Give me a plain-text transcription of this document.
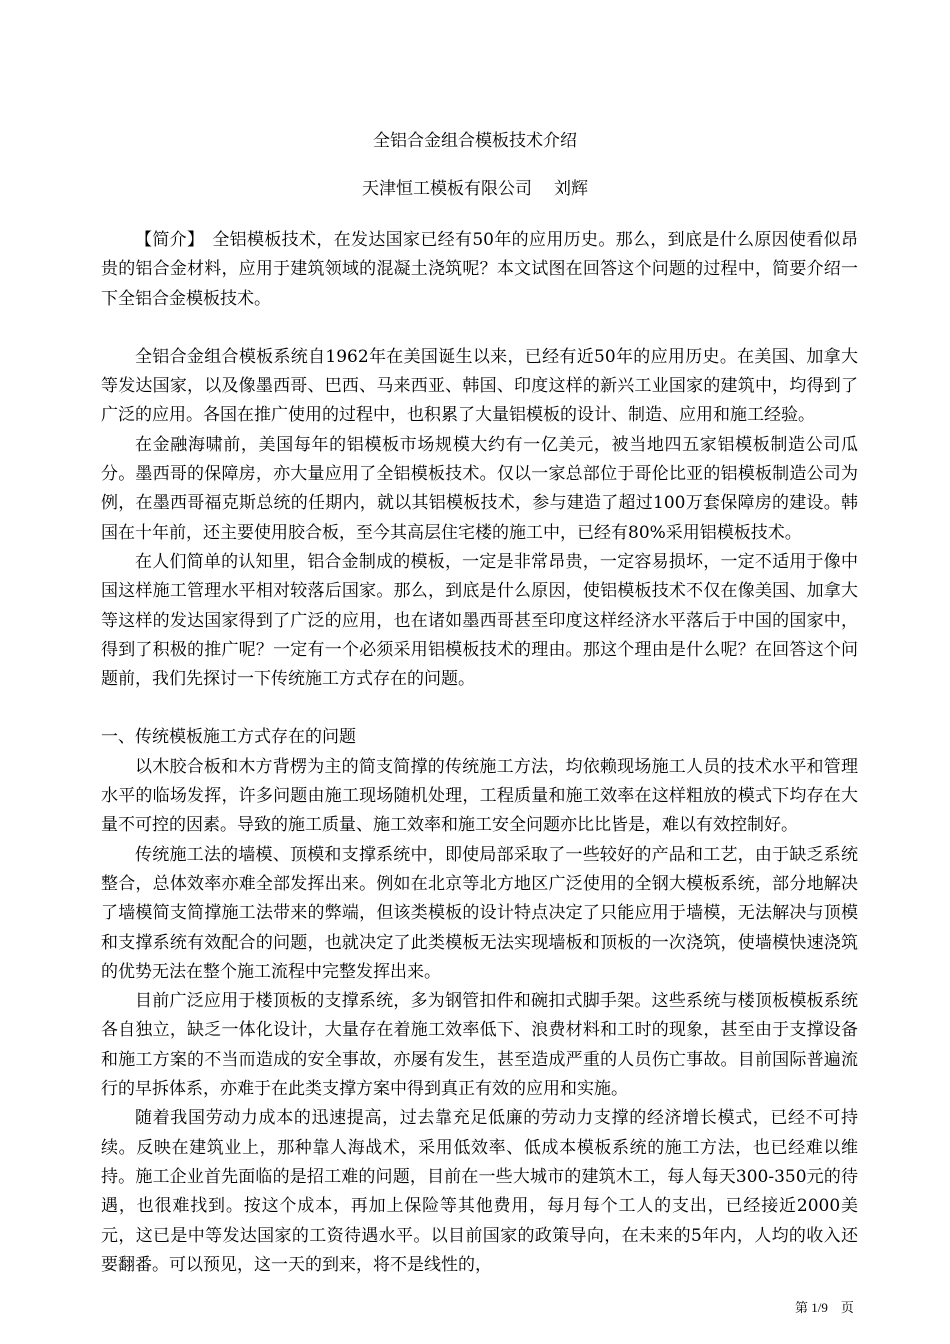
全铝合金组合模板技术介绍
天津恒工模板有限公司 刘辉

【简介】 全铝模板技术，在发达国家已经有50年的应用历史。那么，到底是什么原因使看似昂贵的铝合金材料，应用于建筑领域的混凝土浇筑呢？本文试图在回答这个问题的过程中，简要介绍一下全铝合金模板技术。

全铝合金组合模板系统自1962年在美国诞生以来，已经有近50年的应用历史。在美国、加拿大等发达国家，以及像墨西哥、巴西、马来西亚、韩国、印度这样的新兴工业国家的建筑中，均得到了广泛的应用。各国在推广使用的过程中，也积累了大量铝模板的设计、制造、应用和施工经验。

在金融海啸前，美国每年的铝模板市场规模大约有一亿美元，被当地四五家铝模板制造公司瓜分。墨西哥的保障房，亦大量应用了全铝模板技术。仅以一家总部位于哥伦比亚的铝模板制造公司为例，在墨西哥福克斯总统的任期内，就以其铝模板技术，参与建造了超过100万套保障房的建设。韩国在十年前，还主要使用胶合板，至今其高层住宅楼的施工中，已经有80%采用铝模板技术。

在人们简单的认知里，铝合金制成的模板，一定是非常昂贵，一定容易损坏，一定不适用于像中国这样施工管理水平相对较落后国家。那么，到底是什么原因，使铝模板技术不仅在像美国、加拿大等这样的发达国家得到了广泛的应用，也在诸如墨西哥甚至印度这样经济水平落后于中国的国家中，得到了积极的推广呢？一定有一个必须采用铝模板技术的理由。那这个理由是什么呢？在回答这个问题前，我们先探讨一下传统施工方式存在的问题。

一、传统模板施工方式存在的问题

以木胶合板和木方背楞为主的简支简撑的传统施工方法，均依赖现场施工人员的技术水平和管理水平的临场发挥，许多问题由施工现场随机处理，工程质量和施工效率在这样粗放的模式下均存在大量不可控的因素。导致的施工质量、施工效率和施工安全问题亦比比皆是，难以有效控制好。

传统施工法的墙模、顶模和支撑系统中，即使局部采取了一些较好的产品和工艺，由于缺乏系统整合，总体效率亦难全部发挥出来。例如在北京等北方地区广泛使用的全钢大模板系统，部分地解决了墙模简支简撑施工法带来的弊端，但该类模板的设计特点决定了只能应用于墙模，无法解决与顶模和支撑系统有效配合的问题，也就决定了此类模板无法实现墙板和顶板的一次浇筑，使墙模快速浇筑的优势无法在整个施工流程中完整发挥出来。

目前广泛应用于楼顶板的支撑系统，多为钢管扣件和碗扣式脚手架。这些系统与楼顶板模板系统各自独立，缺乏一体化设计，大量存在着施工效率低下、浪费材料和工时的现象，甚至由于支撑设备和施工方案的不当而造成的安全事故，亦屡有发生，甚至造成严重的人员伤亡事故。目前国际普遍流行的早拆体系，亦难于在此类支撑方案中得到真正有效的应用和实施。

随着我国劳动力成本的迅速提高，过去靠充足低廉的劳动力支撑的经济增长模式，已经不可持续。反映在建筑业上，那种靠人海战术，采用低效率、低成本模板系统的施工方法，也已经难以维持。施工企业首先面临的是招工难的问题，目前在一些大城市的建筑木工，每人每天300-350元的待遇，也很难找到。按这个成本，再加上保险等其他费用，每月每个工人的支出，已经接近2000美元，这已是中等发达国家的工资待遇水平。以目前国家的政策导向，在未来的5年内，人均的收入还要翻番。可以预见，这一天的到来，将不是线性的，

第 1/9　页
